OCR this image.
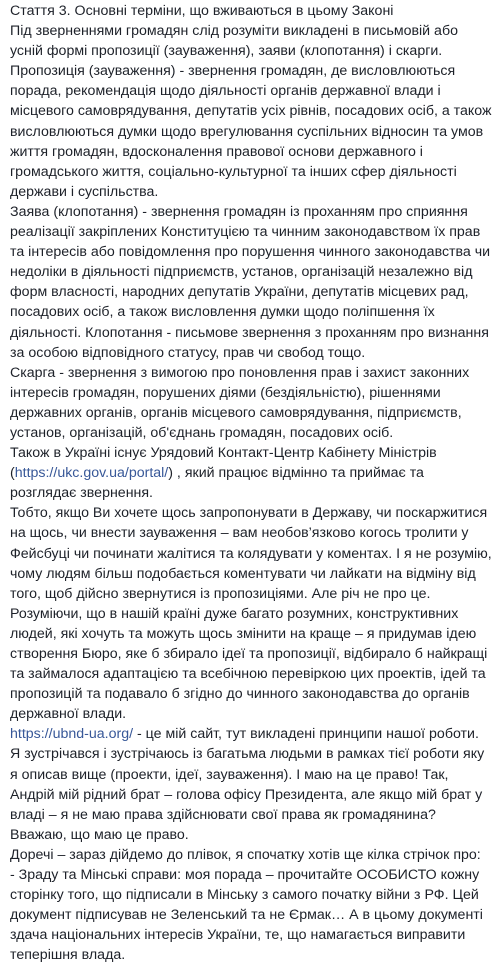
Стаття 3. Основні терміни, що вживаються в цьому Законі

Під зверненнями громадян слід розуміти викладені в письмовій або усній формі пропозиції (зауваження), заяви (клопотання) і скарги.

Пропозиція (зауваження) - звернення громадян, де висловлюються порада, рекомендація щодо діяльності органів державної влади і місцевого самоврядування, депутатів усіх рівнів, посадових осіб, а також висловлюються думки щодо врегулювання суспільних відносин та умов життя громадян, вдосконалення правової основи державного і громадського життя, соціально-культурної та інших сфер діяльності держави і суспільства.

Заява (клопотання) - звернення громадян із проханням про сприяння реалізації закріплених Конституцією та чинним законодавством їх прав та інтересів або повідомлення про порушення чинного законодавства чи недоліки в діяльності підприємств, установ, організацій незалежно від форм власності, народних депутатів України, депутатів місцевих рад, посадових осіб, а також висловлення думки щодо поліпшення їх діяльності. Клопотання - письмове звернення з проханням про визнання за особою відповідного статусу, прав чи свобод тощо.

Скарга - звернення з вимогою про поновлення прав і захист законних інтересів громадян, порушених діями (бездіяльністю), рішеннями державних органів, органів місцевого самоврядування, підприємств, установ, організацій, об'єднань громадян, посадових осіб.

Також в Україні існує Урядовий Контакт-Центр Кабінету Міністрів (https://ukc.gov.ua/portal/) , який працює відмінно та приймає та розглядає звернення.

Тобто, якщо Ви хочете щось запропонувати в Державу, чи поскаржитися на щось, чи внести зауваження – вам необов’язково когось тролити у Фейсбуці чи починати жалітися та колядувати у коментах. І я не розумію, чому людям більш подобається коментувати чи лайкати на відміну від того, щоб дійсно звернутися із пропозиціями. Але річ не про це.

Розуміючи, що в нашій країні дуже багато розумних, конструктивних людей, які хочуть та можуть щось змінити на краще – я придумав ідею створення Бюро, яке б збирало ідеї та пропозиції, відбирало б найкращі та займалося адаптацією та всебічною перевіркою цих проектів, ідей та пропозицій та подавало б згідно до чинного законодавства до органів державної влади.

https://ubnd-ua.org/ - це мій сайт, тут викладені принципи нашої роботи.

Я зустрічався і зустрічаюсь із багатьма людьми в рамках тієї роботи яку я описав вище (проекти, ідеї, зауваження). І маю на це право! Так, Андрій мій рідний брат – голова офісу Президента, але якщо мій брат у владі – я не маю права здійснювати свої права як громадянина?

Вважаю, що маю це право.

Доречі – зараз дійдемо до плівок, я спочатку хотів ще кілка стрічок про:

- Зраду та Мінські справи: моя порада – прочитайте ОСОБИСТО кожну сторінку того, що підписали в Мінську з самого початку війни з РФ. Цей документ підписував не Зеленський та не Єрмак… А в цьому документі здача національних інтересів України, те, що намагається виправити теперішня влада.
